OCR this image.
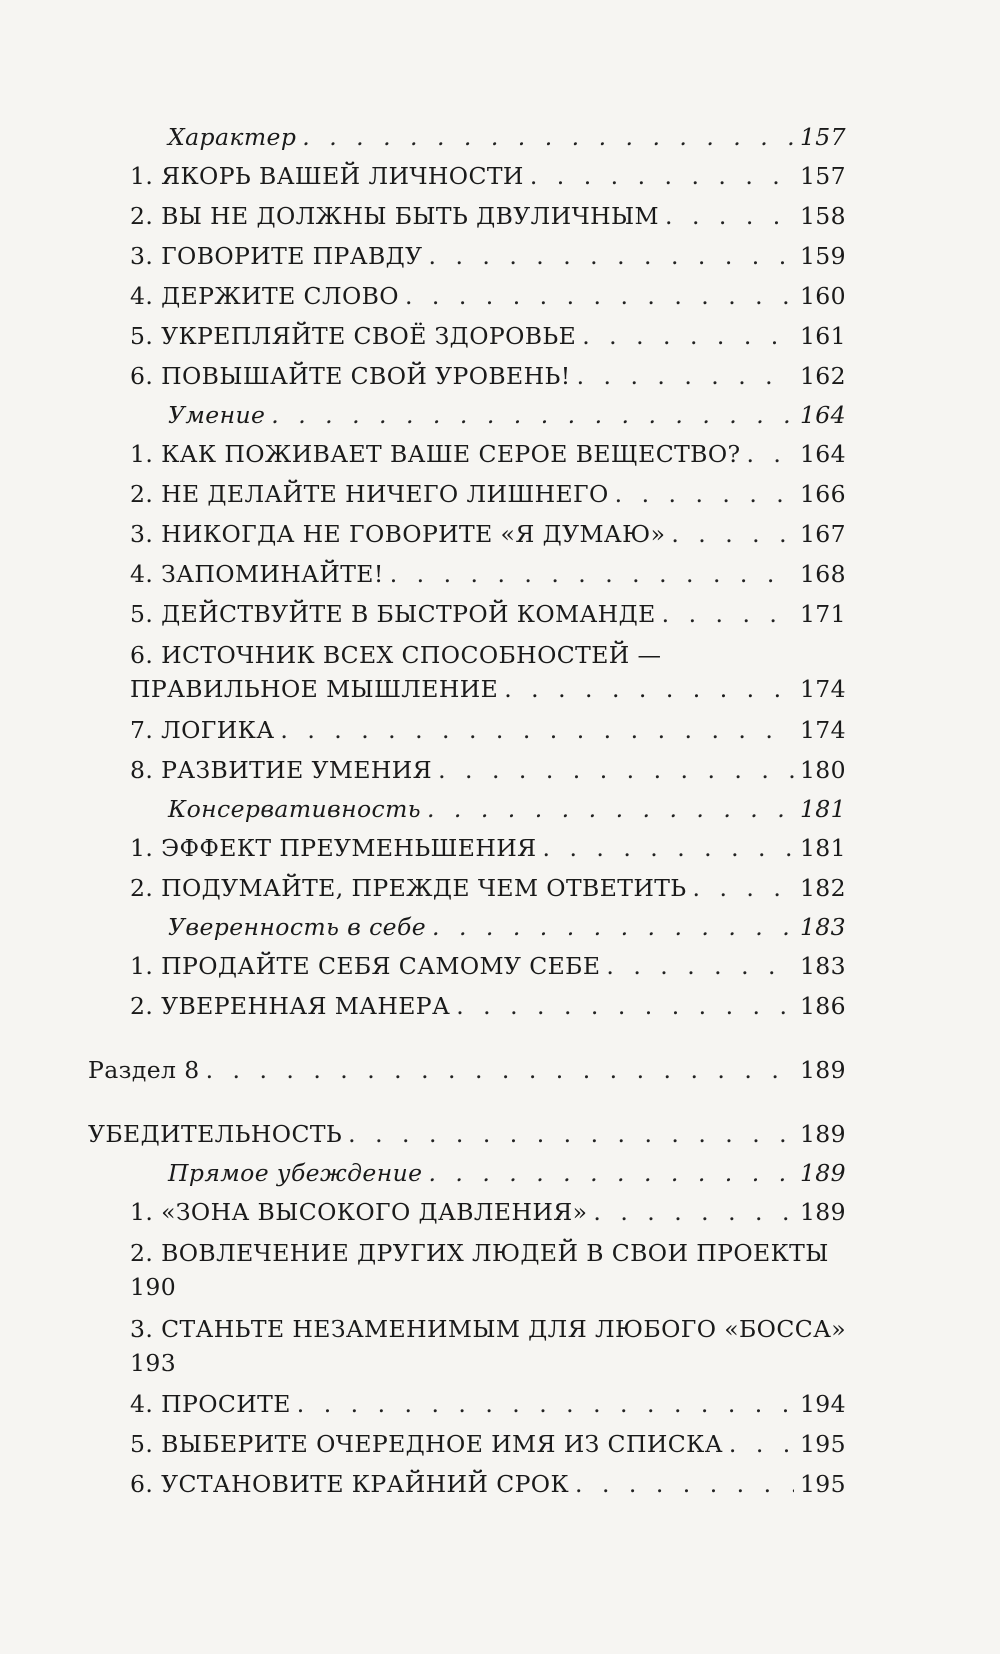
Характер . . .	157
1. ЯКОРЬ ВАШЕЙ ЛИЧНОСТИ . . .	157
2. ВЫ НЕ ДОЛЖНЫ БЫТЬ ДВУЛИЧНЫМ . . .	158
3. ГОВОРИТЕ ПРАВДУ . . .	159
4. ДЕРЖИТЕ СЛОВО . . .	160
5. УКРЕПЛЯЙТЕ СВОЁ ЗДОРОВЬЕ . . .	161
6. ПОВЫШАЙТЕ СВОЙ УРОВЕНЬ! . . .	162
Умение . . .	164
1. КАК ПОЖИВАЕТ ВАШЕ СЕРОЕ ВЕЩЕСТВО? . . .	164
2. НЕ ДЕЛАЙТЕ НИЧЕГО ЛИШНЕГО . . .	166
3. НИКОГДА НЕ ГОВОРИТЕ «Я ДУМАЮ» . . .	167
4. ЗАПОМИНАЙТЕ! . . .	168
5. ДЕЙСТВУЙТЕ В БЫСТРОЙ КОМАНДЕ . . .	171
6. ИСТОЧНИК ВСЕХ СПОСОБНОСТЕЙ —
ПРАВИЛЬНОЕ МЫШЛЕНИЕ . . .	174
7. ЛОГИКА . . .	174
8. РАЗВИТИЕ УМЕНИЯ . . .	180
Консервативность . . .	181
1. ЭФФЕКТ ПРЕУМЕНЬШЕНИЯ . . .	181
2. ПОДУМАЙТЕ, ПРЕЖДЕ ЧЕМ ОТВЕТИТЬ . . .	182
Уверенность в себе . . .	183
1. ПРОДАЙТЕ СЕБЯ САМОМУ СЕБЕ . . .	183
2. УВЕРЕННАЯ МАНЕРА . . .	186
Раздел 8 . . .	189
УБЕДИТЕЛЬНОСТЬ . . .	189
Прямое убеждение . . .	189
1. «ЗОНА ВЫСОКОГО ДАВЛЕНИЯ» . . .	189
2. ВОВЛЕЧЕНИЕ ДРУГИХ ЛЮДЕЙ В СВОИ ПРОЕКТЫ
190
3. СТАНЬТЕ НЕЗАМЕНИМЫМ ДЛЯ ЛЮБОГО «БОССА»
193
4. ПРОСИТЕ . . .	194
5. ВЫБЕРИТЕ ОЧЕРЕДНОЕ ИМЯ ИЗ СПИСКА . . .	195
6. УСТАНОВИТЕ КРАЙНИЙ СРОК . . .	195
